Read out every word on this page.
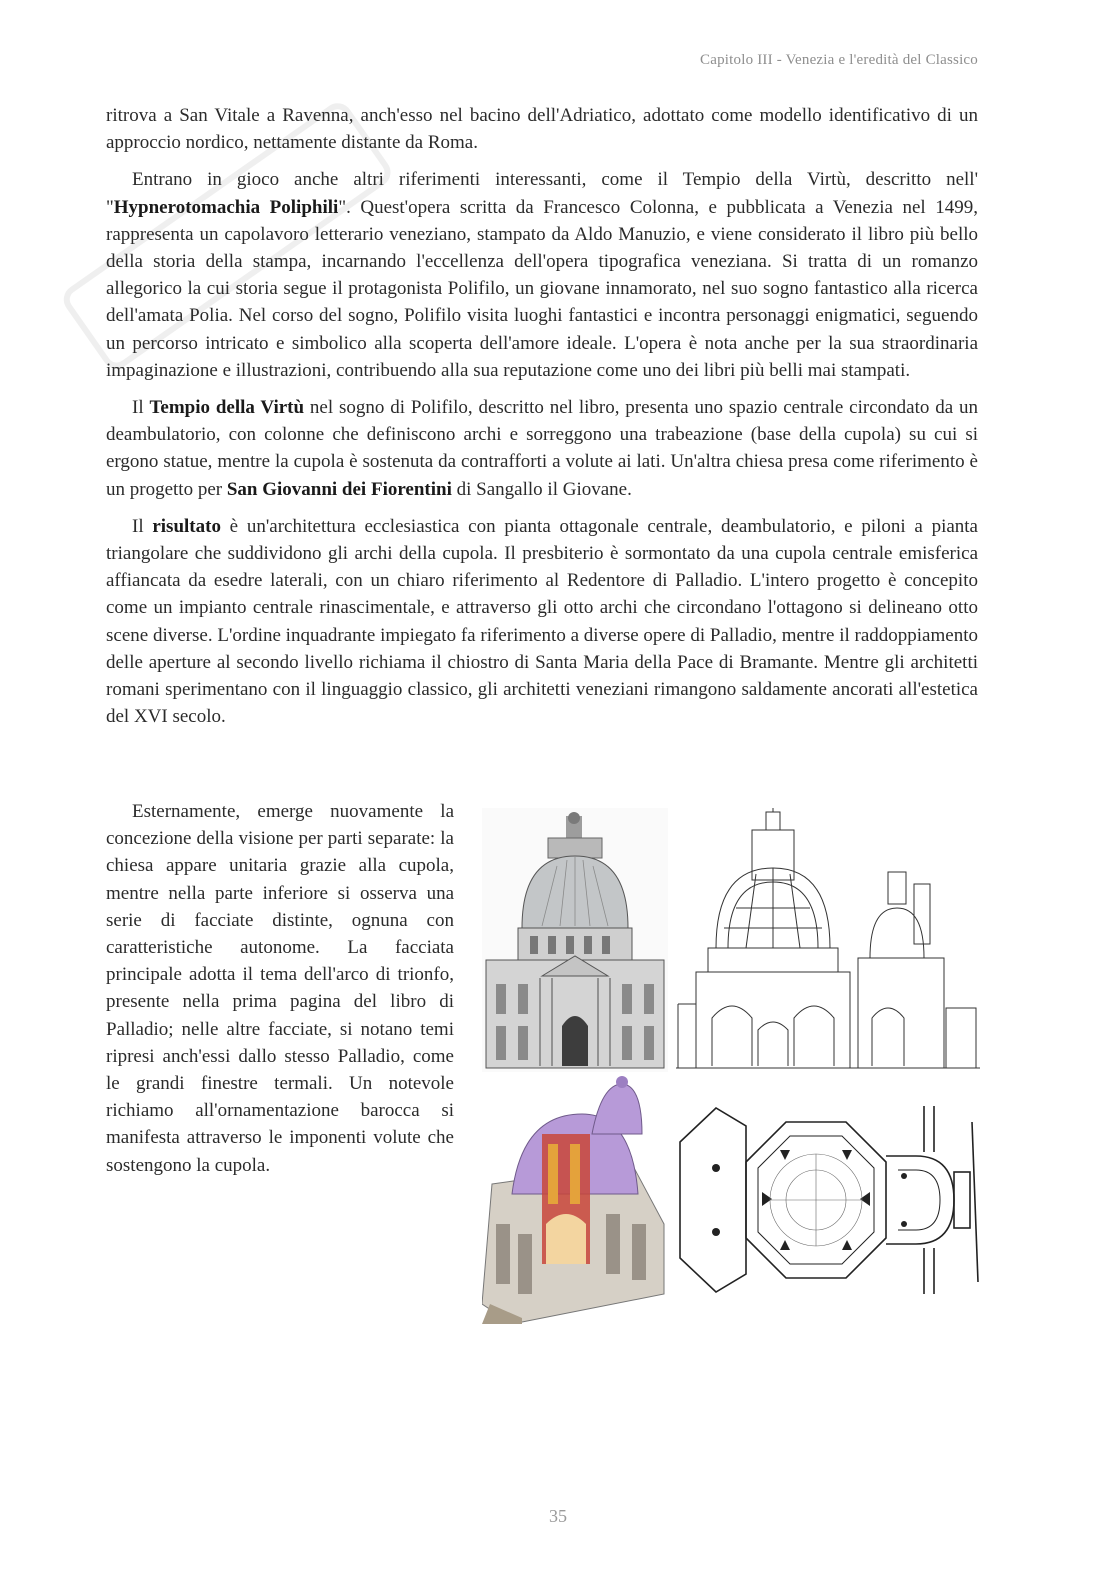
Capitolo III - Venezia e l'eredità del Classico

ritrova a San Vitale a Ravenna, anch'esso nel bacino dell'Adriatico, adottato come modello identificativo di un approccio nordico, nettamente distante da Roma.

Entrano in gioco anche altri riferimenti interessanti, come il Tempio della Virtù, descritto nell' "Hypnerotomachia Poliphili". Quest'opera scritta da Francesco Colonna, e pubblicata a Venezia nel 1499, rappresenta un capolavoro letterario veneziano, stampato da Aldo Manuzio, e viene considerato il libro più bello della storia della stampa, incarnando l'eccellenza dell'opera tipografica veneziana. Si tratta di un romanzo allegorico la cui storia segue il protagonista Polifilo, un giovane innamorato, nel suo sogno fantastico alla ricerca dell'amata Polia. Nel corso del sogno, Polifilo visita luoghi fantastici e incontra personaggi enigmatici, seguendo un percorso intricato e simbolico alla scoperta dell'amore ideale. L'opera è nota anche per la sua straordinaria impaginazione e illustrazioni, contribuendo alla sua reputazione come uno dei libri più belli mai stampati.

Il Tempio della Virtù nel sogno di Polifilo, descritto nel libro, presenta uno spazio centrale circondato da un deambulatorio, con colonne che definiscono archi e sorreggono una trabeazione (base della cupola) su cui si ergono statue, mentre la cupola è sostenuta da contrafforti a volute ai lati. Un'altra chiesa presa come riferimento è un progetto per San Giovanni dei Fiorentini di Sangallo il Giovane.

Il risultato è un'architettura ecclesiastica con pianta ottagonale centrale, deambulatorio, e piloni a pianta triangolare che suddividono gli archi della cupola. Il presbiterio è sormontato da una cupola centrale emisferica affiancata da esedre laterali, con un chiaro riferimento al Redentore di Palladio. L'intero progetto è concepito come un impianto centrale rinascimentale, e attraverso gli otto archi che circondano l'ottagono si delineano otto scene diverse. L'ordine inquadrante impiegato fa riferimento a diverse opere di Palladio, mentre il raddoppiamento delle aperture al secondo livello richiama il chiostro di Santa Maria della Pace di Bramante. Mentre gli architetti romani sperimentano con il linguaggio classico, gli architetti veneziani rimangono saldamente ancorati all'estetica del XVI secolo.

Esternamente, emerge nuovamente la concezione della visione per parti separate: la chiesa appare unitaria grazie alla cupola, mentre nella parte inferiore si osserva una serie di facciate distinte, ognuna con caratteristiche autonome. La facciata principale adotta il tema dell'arco di trionfo, presente nella prima pagina del libro di Palladio; nelle altre facciate, si notano temi ripresi anch'essi dallo stesso Palladio, come le grandi finestre termali. Un notevole richiamo all'ornamentazione barocca si manifesta attraverso le imponenti volute che sostengono la cupola.

35
